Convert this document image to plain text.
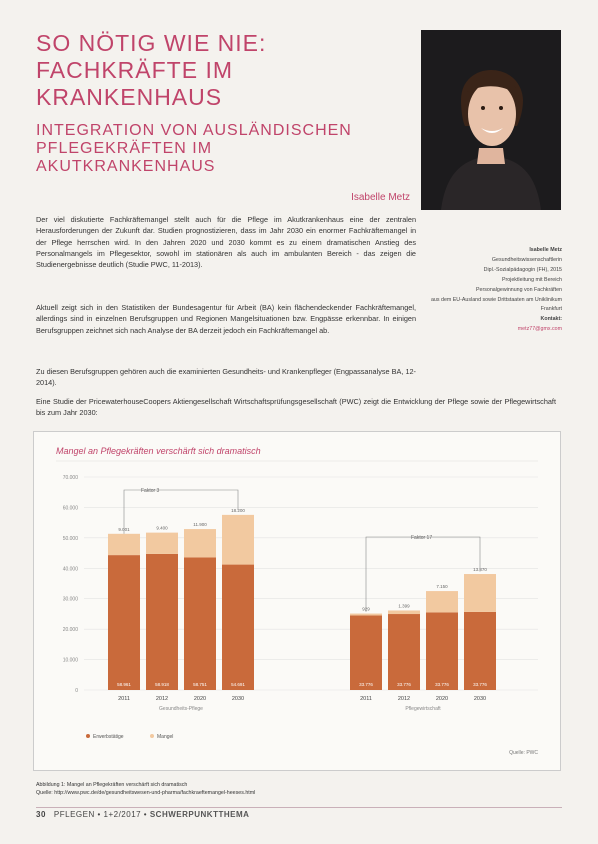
SO NÖTIG WIE NIE: FACHKRÄFTE IM KRANKENHAUS
INTEGRATION VON AUSLÄNDISCHEN PFLEGEKRÄFTEN IM AKUTKRANKENHAUS
Isabelle Metz

Der viel diskutierte Fachkräftemangel stellt auch für die Pflege im Akutkrankenhaus eine der zentralen Herausforderungen der Zukunft dar. Studien prognostizieren, dass im Jahr 2030 ein enormer Fachkräftemangel in der Pflege herrschen wird. In den Jahren 2020 und 2030 kommt es zu einem dramatischen Anstieg des Personalmangels im Pflegesektor, sowohl im stationären als auch im ambulanten Bereich - das zeigen die Studienergebnisse deutlich (Studie PWC, 11-2013).

Aktuell zeigt sich in den Statistiken der Bundesagentur für Arbeit (BA) kein flächendeckender Fachkräftemangel, allerdings sind in einzelnen Berufsgruppen und Regionen Mangelsituationen bzw. Engpässe erkennbar. In einigen Berufsgruppen zeichnet sich nach Analyse der BA derzeit jedoch ein Fachkräftemangel ab.

Zu diesen Berufsgruppen gehören auch die examinierten Gesundheits- und Krankenpfleger (Engpassanalyse BA, 12-2014).

Eine Studie der PricewaterhouseCoopers Aktiengesellschaft Wirtschaftsprüfungsgesellschaft (PWC) zeigt die Entwicklung der Pflege sowie der Pflegewirtschaft bis zum Jahr 2030:

Isabelle Metz
Gesundheitswissenschaftlerin
Dipl.-Sozialpädagogin (FH), 2015
Projektleitung mit Bereich
Personalgewinnung von Fachkräften
aus dem EU-Ausland sowie Drittstaaten am Uniklinikum Frankfurt
Kontakt:
metz77@gmx.com
Mangel an Pflegekräften verschärft sich dramatisch
0
10.000
20.000
30.000
40.000
50.000
60.000
70.000
9.001
58.961
9.400
58.918
11.900
58.751
18.200
54.691
929
33.776
1.399
33.776
7.150
33.776
13.870
33.776
2011	2012	2020	2030
Gesundheits-Pflege
2011	2012	2020	2030
Pflegewirtschaft
Faktor 3
Faktor 17
Erwerbstätige	Mangel
Quelle: PWC
Abbildung 1: Mangel an Pflegekräften verschärft sich dramatisch
Quelle: http://www.pwc.de/de/gesundheitswesen-und-pharma/fachkraeftemangel-heeses.html
30 PFLEGEN • 1+2/2017 • SCHWERPUNKTTHEMA
